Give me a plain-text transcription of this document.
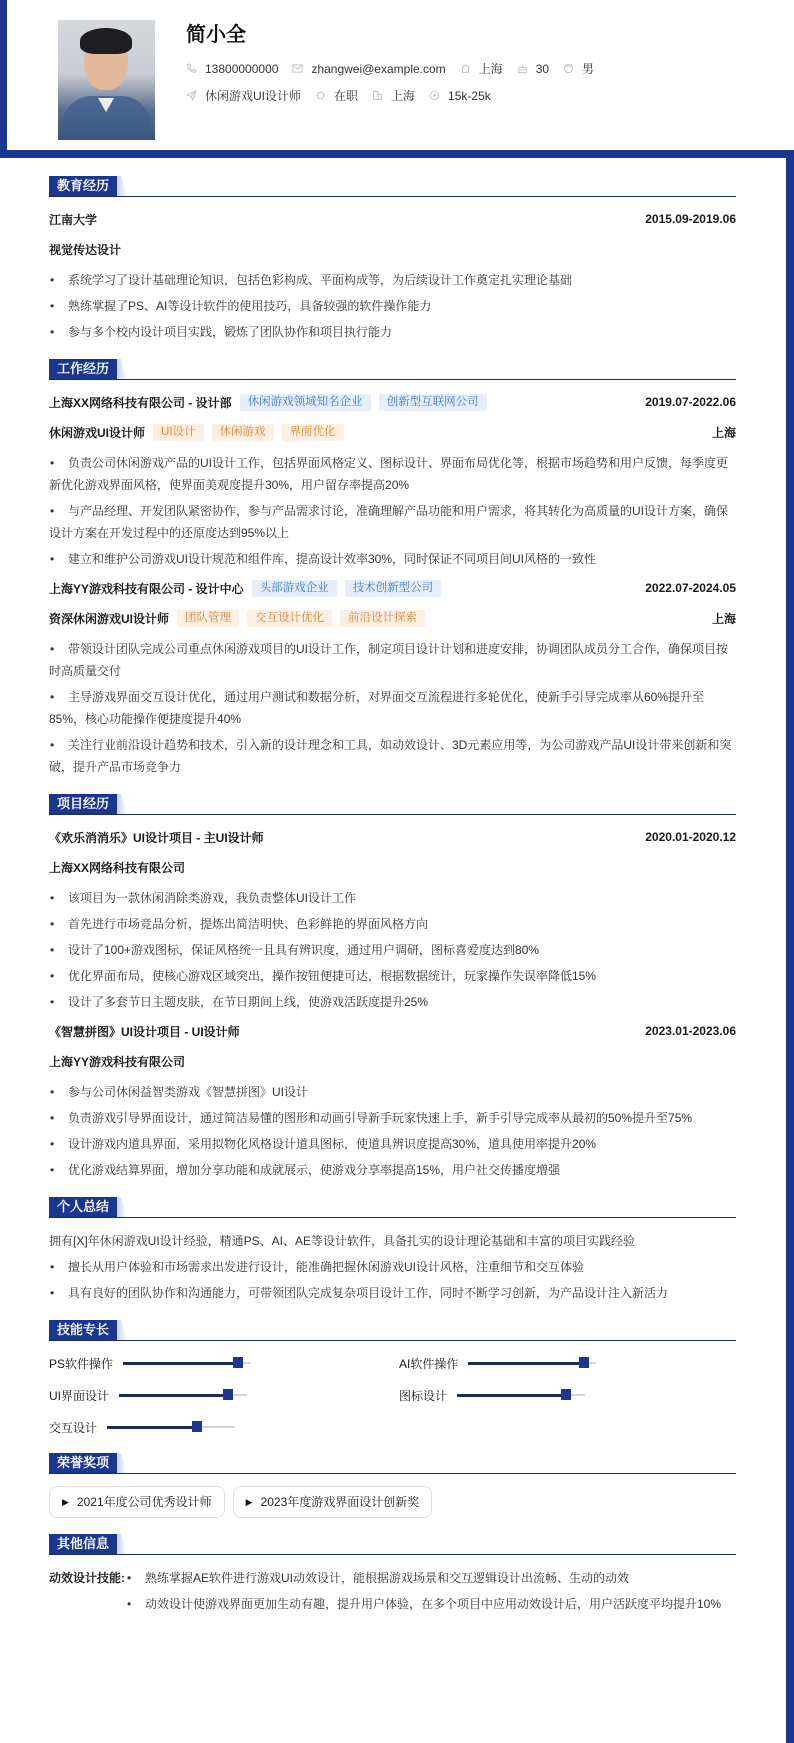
简小全
13800000000	zhangwei@example.com	上海	30	男
休闲游戏UI设计师	在职	上海	15k-25k
教育经历
江南大学	2015.09-2019.06
视觉传达设计
• 系统学习了设计基础理论知识，包括色彩构成、平面构成等，为后续设计工作奠定扎实理论基础
• 熟练掌握了PS、AI等设计软件的使用技巧，具备较强的软件操作能力
• 参与多个校内设计项目实践，锻炼了团队协作和项目执行能力
工作经历
上海XX网络科技有限公司 - 设计部	休闲游戏领域知名企业	创新型互联网公司	2019.07-2022.06
休闲游戏UI设计师	UI设计	休闲游戏	界面优化	上海
• 负责公司休闲游戏产品的UI设计工作，包括界面风格定义、图标设计、界面布局优化等，根据市场趋势和用户反馈，每季度更新优化游戏界面风格，使界面美观度提升30%，用户留存率提高20%
• 与产品经理、开发团队紧密协作，参与产品需求讨论，准确理解产品功能和用户需求，将其转化为高质量的UI设计方案，确保设计方案在开发过程中的还原度达到95%以上
• 建立和维护公司游戏UI设计规范和组件库，提高设计效率30%，同时保证不同项目间UI风格的一致性
上海YY游戏科技有限公司 - 设计中心	头部游戏企业	技术创新型公司	2022.07-2024.05
资深休闲游戏UI设计师	团队管理	交互设计优化	前沿设计探索	上海
• 带领设计团队完成公司重点休闲游戏项目的UI设计工作，制定项目设计计划和进度安排，协调团队成员分工合作，确保项目按时高质量交付
• 主导游戏界面交互设计优化，通过用户测试和数据分析，对界面交互流程进行多轮优化，使新手引导完成率从60%提升至85%，核心功能操作便捷度提升40%
• 关注行业前沿设计趋势和技术，引入新的设计理念和工具，如动效设计、3D元素应用等，为公司游戏产品UI设计带来创新和突破，提升产品市场竞争力
项目经历
《欢乐消消乐》UI设计项目 - 主UI设计师	2020.01-2020.12
上海XX网络科技有限公司
• 该项目为一款休闲消除类游戏，我负责整体UI设计工作
• 首先进行市场竞品分析，提炼出简洁明快、色彩鲜艳的界面风格方向
• 设计了100+游戏图标，保证风格统一且具有辨识度，通过用户调研，图标喜爱度达到80%
• 优化界面布局，使核心游戏区域突出，操作按钮便捷可达，根据数据统计，玩家操作失误率降低15%
• 设计了多套节日主题皮肤，在节日期间上线，使游戏活跃度提升25%
《智慧拼图》UI设计项目 - UI设计师	2023.01-2023.06
上海YY游戏科技有限公司
• 参与公司休闲益智类游戏《智慧拼图》UI设计
• 负责游戏引导界面设计，通过简洁易懂的图形和动画引导新手玩家快速上手，新手引导完成率从最初的50%提升至75%
• 设计游戏内道具界面，采用拟物化风格设计道具图标，使道具辨识度提高30%，道具使用率提升20%
• 优化游戏结算界面，增加分享功能和成就展示，使游戏分享率提高15%，用户社交传播度增强
个人总结
拥有[X]年休闲游戏UI设计经验，精通PS、AI、AE等设计软件，具备扎实的设计理论基础和丰富的项目实践经验
• 擅长从用户体验和市场需求出发进行设计，能准确把握休闲游戏UI设计风格，注重细节和交互体验
• 具有良好的团队协作和沟通能力，可带领团队完成复杂项目设计工作，同时不断学习创新，为产品设计注入新活力
技能专长
PS软件操作	AI软件操作
UI界面设计	图标设计
交互设计
荣誉奖项
▶ 2021年度公司优秀设计师	▶ 2023年度游戏界面设计创新奖
其他信息
动效设计技能:	• 熟练掌握AE软件进行游戏UI动效设计，能根据游戏场景和交互逻辑设计出流畅、生动的动效
• 动效设计使游戏界面更加生动有趣，提升用户体验，在多个项目中应用动效设计后，用户活跃度平均提升10%
